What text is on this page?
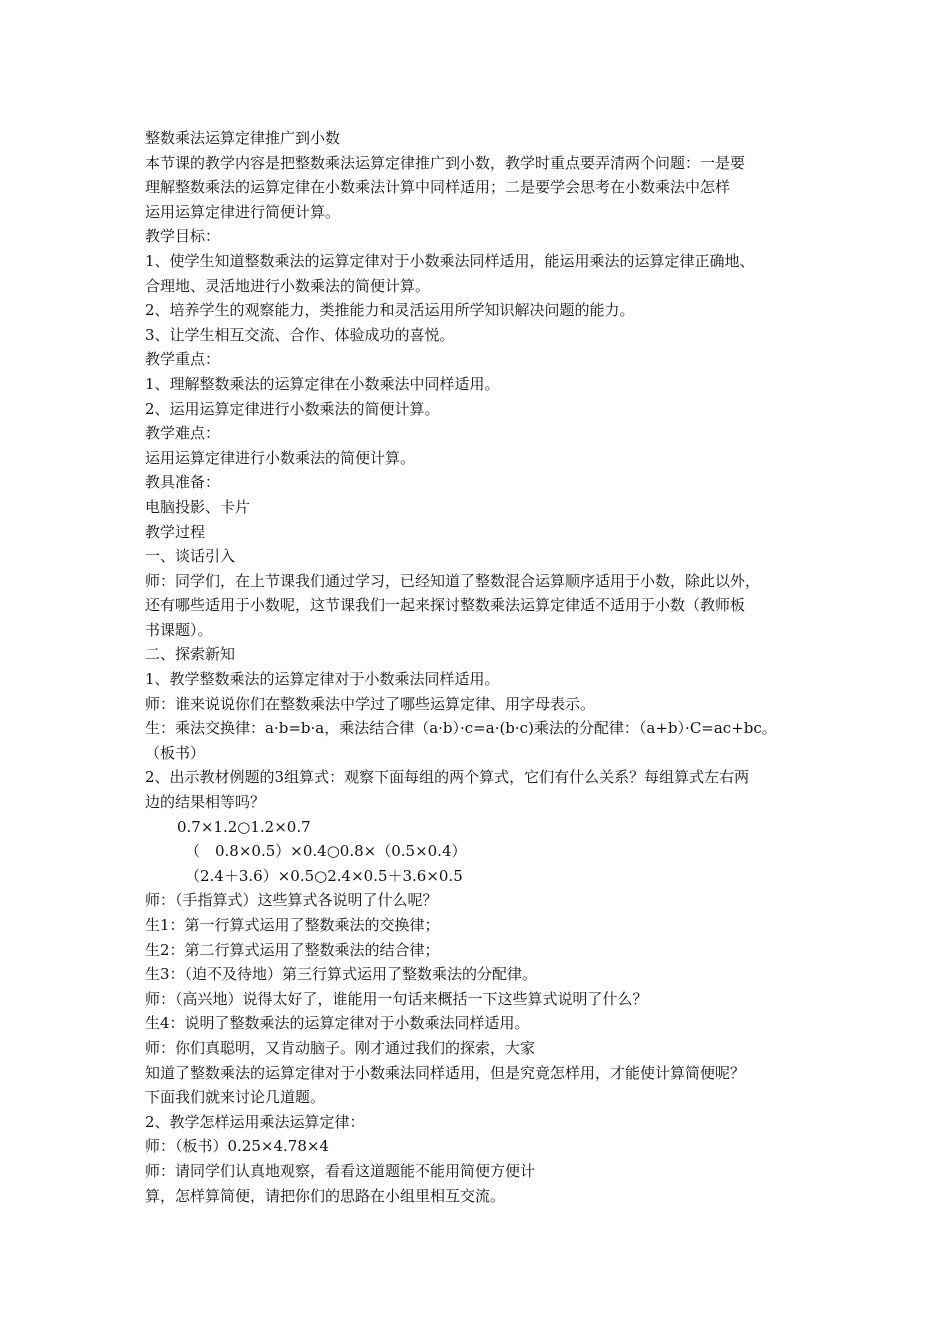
整数乘法运算定律推广到小数
本节课的教学内容是把整数乘法运算定律推广到小数，教学时重点要弄清两个问题：一是要
理解整数乘法的运算定律在小数乘法计算中同样适用；二是要学会思考在小数乘法中怎样
运用运算定律进行简便计算。
教学目标：
1、使学生知道整数乘法的运算定律对于小数乘法同样适用，能运用乘法的运算定律正确地、
合理地、灵活地进行小数乘法的简便计算。
2、培养学生的观察能力，类推能力和灵活运用所学知识解决问题的能力。
3、让学生相互交流、合作、体验成功的喜悦。
教学重点：
1、理解整数乘法的运算定律在小数乘法中同样适用。
2、运用运算定律进行小数乘法的简便计算。
教学难点：
运用运算定律进行小数乘法的简便计算。
教具准备：
电脑投影、卡片
教学过程
一、谈话引入
师：同学们，在上节课我们通过学习，已经知道了整数混合运算顺序适用于小数，除此以外，
还有哪些适用于小数呢，这节课我们一起来探讨整数乘法运算定律适不适用于小数（教师板
书课题）。
二、探索新知
1、教学整数乘法的运算定律对于小数乘法同样适用。
师：谁来说说你们在整数乘法中学过了哪些运算定律、用字母表示。
生：乘法交换律：a·b=b·a，乘法结合律（a·b）·c=a·(b·c)乘法的分配律：（a+b）·C=ac+bc。
（板书）
2、出示教材例题的3组算式：观察下面每组的两个算式，它们有什么关系？每组算式左右两
边的结果相等吗？
0.7×1.2○1.2×0.7
（　0.8×0.5）×0.4○0.8×（0.5×0.4）
（2.4＋3.6）×0.5○2.4×0.5＋3.6×0.5
师：（手指算式）这些算式各说明了什么呢？
生1：第一行算式运用了整数乘法的交换律；
生2：第二行算式运用了整数乘法的结合律；
生3：（迫不及待地）第三行算式运用了整数乘法的分配律。
师：（高兴地）说得太好了，谁能用一句话来概括一下这些算式说明了什么？
生4：说明了整数乘法的运算定律对于小数乘法同样适用。
师：你们真聪明，又肯动脑子。刚才通过我们的探索，大家
知道了整数乘法的运算定律对于小数乘法同样适用，但是究竟怎样用，才能使计算简便呢？
下面我们就来讨论几道题。
2、教学怎样运用乘法运算定律：
师：（板书）0.25×4.78×4
师：请同学们认真地观察，看看这道题能不能用简便方便计
算，怎样算简便，请把你们的思路在小组里相互交流。
